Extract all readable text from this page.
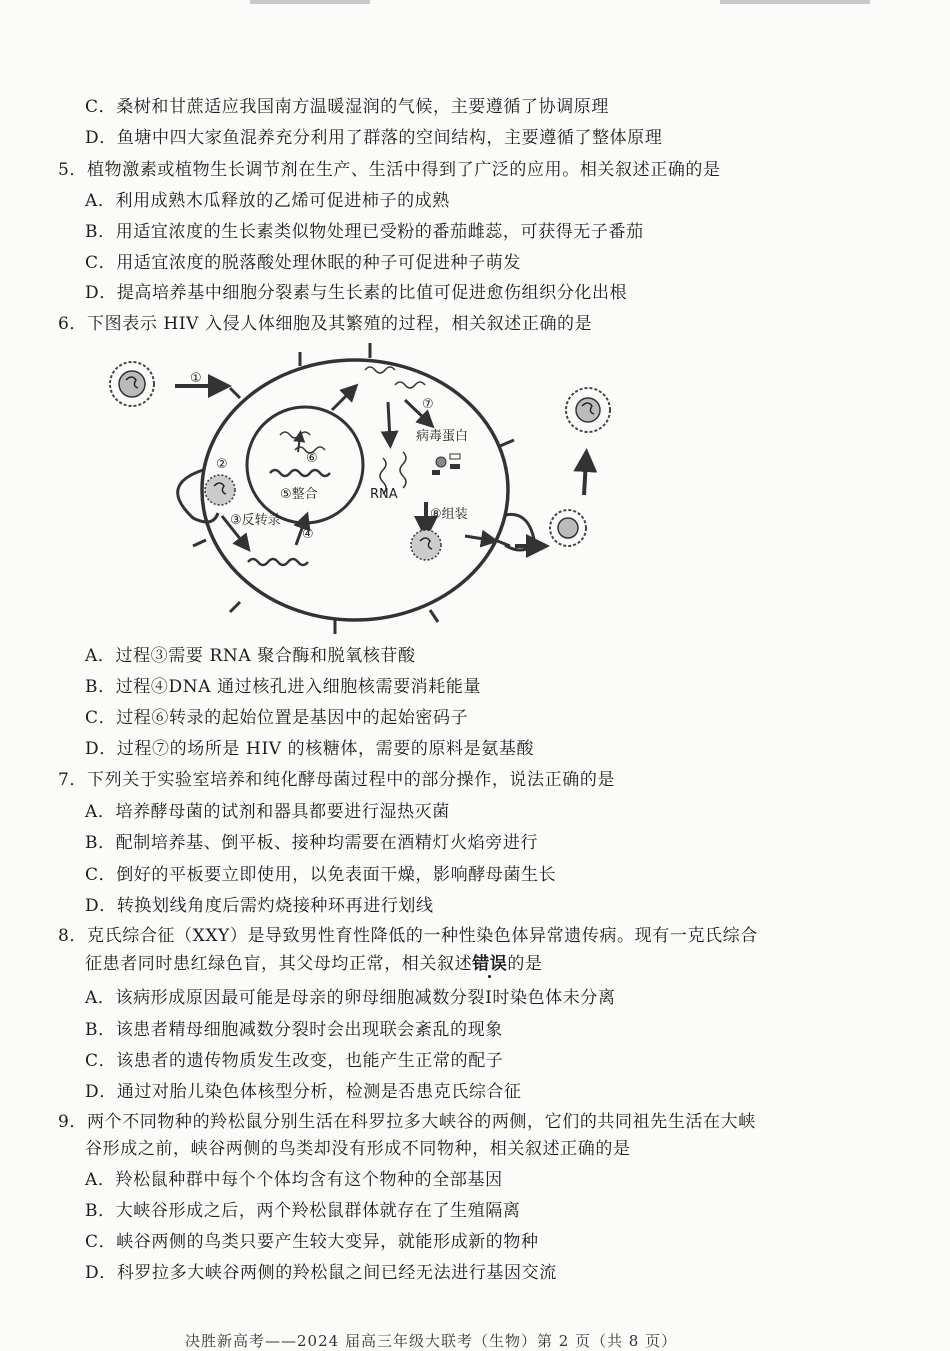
C．桑树和甘蔗适应我国南方温暖湿润的气候，主要遵循了协调原理
D．鱼塘中四大家鱼混养充分利用了群落的空间结构，主要遵循了整体原理
5．植物激素或植物生长调节剂在生产、生活中得到了广泛的应用。相关叙述正确的是
A．利用成熟木瓜释放的乙烯可促进柿子的成熟
B．用适宜浓度的生长素类似物处理已受粉的番茄雌蕊，可获得无子番茄
C．用适宜浓度的脱落酸处理休眠的种子可促进种子萌发
D．提高培养基中细胞分裂素与生长素的比值可促进愈伤组织分化出根
6．下图表示 HIV 入侵人体细胞及其繁殖的过程，相关叙述正确的是
①
②	⑥
⑤整合
③反转录
④
RNA
⑦
病毒蛋白
⑧组装
A．过程③需要 RNA 聚合酶和脱氧核苷酸
B．过程④DNA 通过核孔进入细胞核需要消耗能量
C．过程⑥转录的起始位置是基因中的起始密码子
D．过程⑦的场所是 HIV 的核糖体，需要的原料是氨基酸
7．下列关于实验室培养和纯化酵母菌过程中的部分操作，说法正确的是
A．培养酵母菌的试剂和器具都要进行湿热灭菌
B．配制培养基、倒平板、接种均需要在酒精灯火焰旁进行
C．倒好的平板要立即使用，以免表面干燥，影响酵母菌生长
D．转换划线角度后需灼烧接种环再进行划线
8．克氏综合征（XXY）是导致男性育性降低的一种性染色体异常遗传病。现有一克氏综合
征患者同时患红绿色盲，其父母均正常，相关叙述错误的是
A．该病形成原因最可能是母亲的卵母细胞减数分裂Ⅰ时染色体未分离
B．该患者精母细胞减数分裂时会出现联会紊乱的现象
C．该患者的遗传物质发生改变，也能产生正常的配子
D．通过对胎儿染色体核型分析，检测是否患克氏综合征
9．两个不同物种的羚松鼠分别生活在科罗拉多大峡谷的两侧，它们的共同祖先生活在大峡
谷形成之前，峡谷两侧的鸟类却没有形成不同物种，相关叙述正确的是
A．羚松鼠种群中每个个体均含有这个物种的全部基因
B．大峡谷形成之后，两个羚松鼠群体就存在了生殖隔离
C．峡谷两侧的鸟类只要产生较大变异，就能形成新的物种
D．科罗拉多大峡谷两侧的羚松鼠之间已经无法进行基因交流
决胜新高考——2024 届高三年级大联考（生物）第 2 页（共 8 页）
